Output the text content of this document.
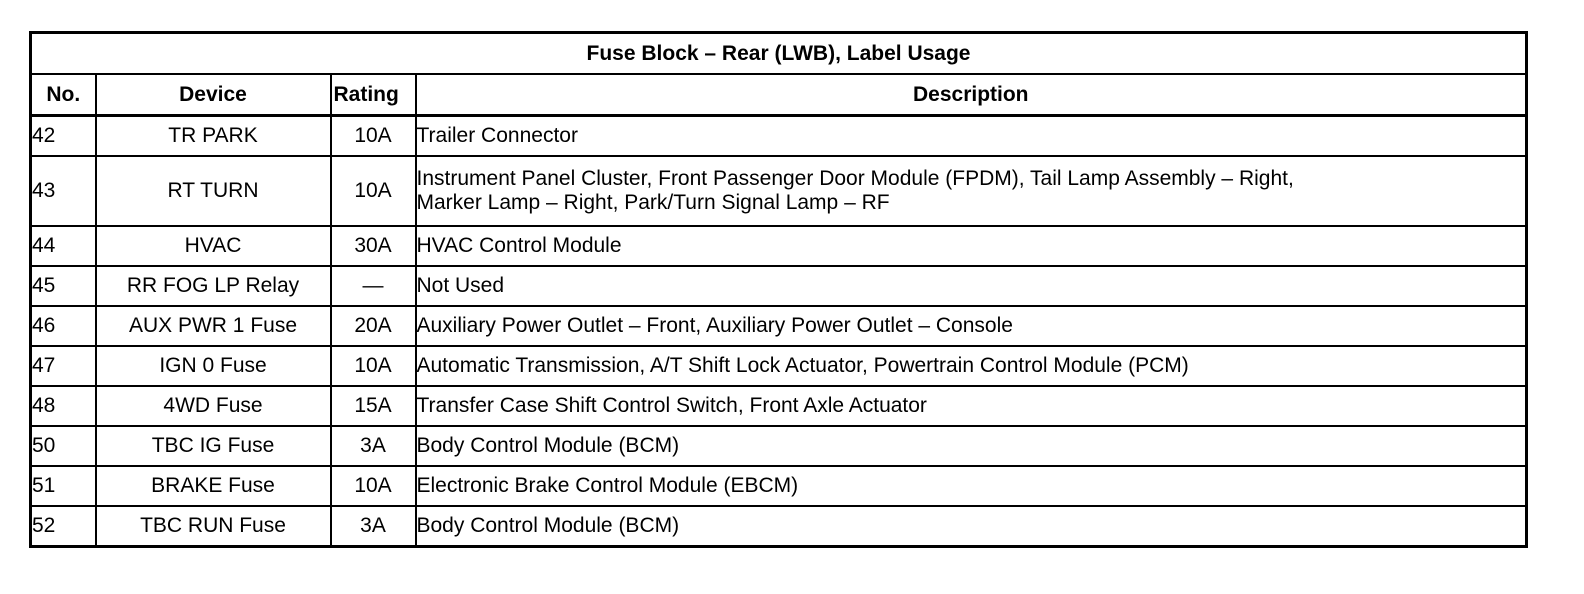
Fuse Block – Rear (LWB), Label Usage			
No.	Device	Rating	Description
42	TR PARK	10A	Trailer Connector
43	RT TURN	10A	Instrument Panel Cluster, Front Passenger Door Module (FPDM), Tail Lamp Assembly – Right,
Marker Lamp – Right, Park/Turn Signal Lamp – RF

44	HVAC	30A	HVAC Control Module
45	RR FOG LP Relay	—	Not Used
46	AUX PWR 1 Fuse	20A	Auxiliary Power Outlet – Front, Auxiliary Power Outlet – Console
47	IGN 0 Fuse	10A	Automatic Transmission, A/T Shift Lock Actuator, Powertrain Control Module (PCM)
48	4WD Fuse	15A	Transfer Case Shift Control Switch, Front Axle Actuator
50	TBC IG Fuse	3A	Body Control Module (BCM)
51	BRAKE Fuse	10A	Electronic Brake Control Module (EBCM)
52	TBC RUN Fuse	3A	Body Control Module (BCM)
